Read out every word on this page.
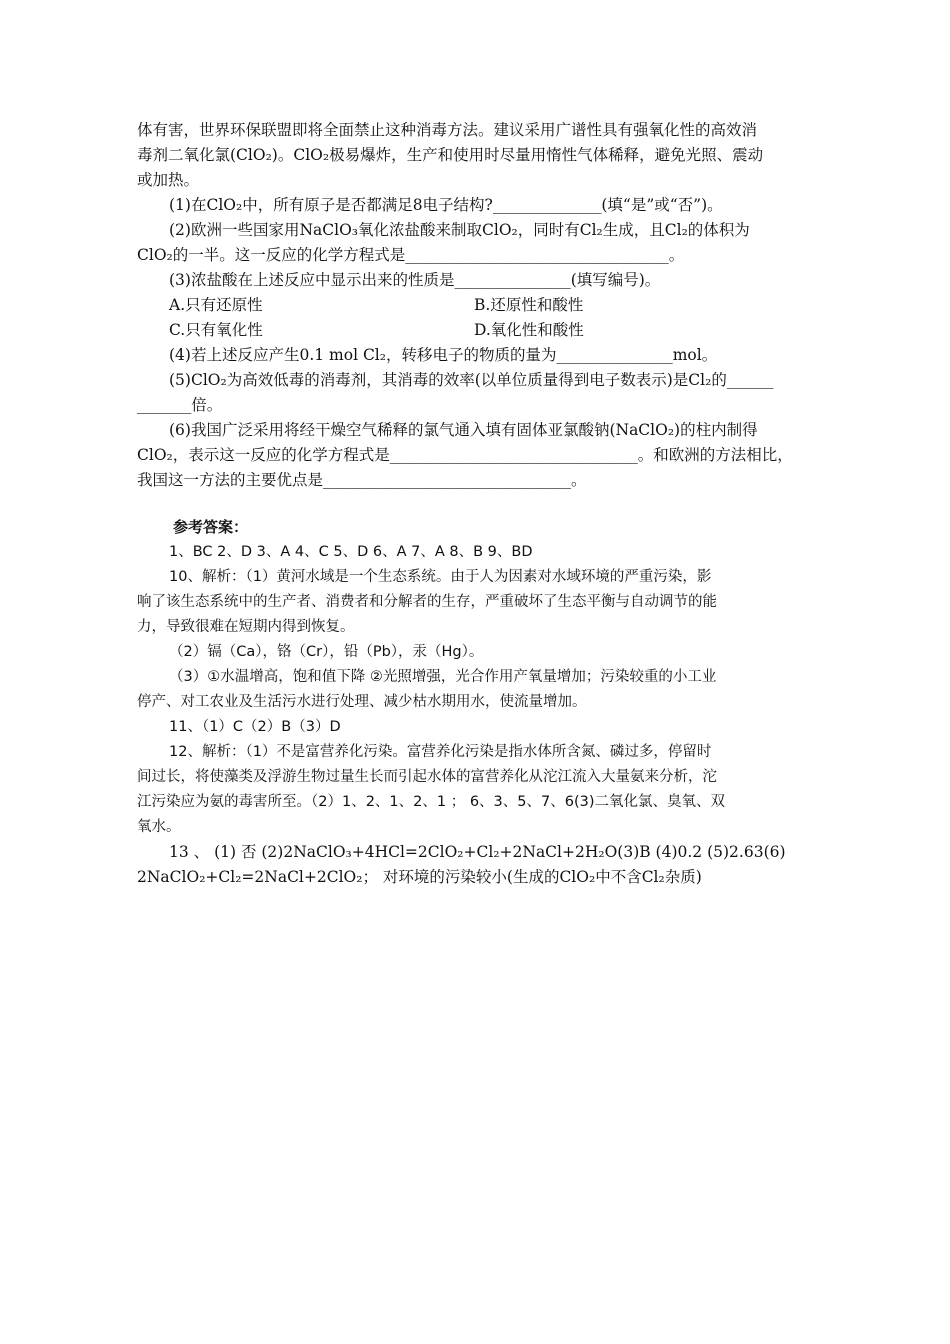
体有害，世界环保联盟即将全面禁止这种消毒方法。建议采用广谱性具有强氧化性的高效消
毒剂二氧化氯(ClO₂)。ClO₂极易爆炸，生产和使用时尽量用惰性气体稀释，避免光照、震动
或加热。
(1)在ClO₂中，所有原子是否都满足8电子结构?______________(填“是”或“否”)。
(2)欧洲一些国家用NaClO₃氧化浓盐酸来制取ClO₂，同时有Cl₂生成，且Cl₂的体积为
ClO₂的一半。这一反应的化学方程式是__________________________________。
(3)浓盐酸在上述反应中显示出来的性质是_______________(填写编号)。
A.只有还原性	B.还原性和酸性
C.只有氧化性	D.氧化性和酸性
(4)若上述反应产生0.1 mol Cl₂，转移电子的物质的量为_______________mol。
(5)ClO₂为高效低毒的消毒剂，其消毒的效率(以单位质量得到电子数表示)是Cl₂的______
_______倍。
(6)我国广泛采用将经干燥空气稀释的氯气通入填有固体亚氯酸钠(NaClO₂)的柱内制得
ClO₂，表示这一反应的化学方程式是________________________________。和欧洲的方法相比，
我国这一方法的主要优点是________________________________。
参考答案：
1、BC 2、D 3、A 4、C 5、D 6、A 7、A 8、B 9、BD
10、解析：（1）黄河水域是一个生态系统。由于人为因素对水域环境的严重污染，影
响了该生态系统中的生产者、消费者和分解者的生存，严重破坏了生态平衡与自动调节的能
力，导致很难在短期内得到恢复。
（2）镉（Ca），铬（Cr），铅（Pb），汞（Hg）。
（3）①水温增高，饱和值下降 ②光照增强，光合作用产氧量增加；污染较重的小工业
停产、对工农业及生活污水进行处理、减少枯水期用水，使流量增加。
11、（1）C（2）B（3）D
12、解析：（1）不是富营养化污染。富营养化污染是指水体所含氮、磷过多，停留时
间过长，将使藻类及浮游生物过量生长而引起水体的富营养化从沱江流入大量氨来分析，沱
江污染应为氨的毒害所至。（2）1、2、1、2、1 ； 6、3、5、7、6(3)二氧化氯、臭氧、双
氧水。
13 、 (1) 否 (2)2NaClO₃+4HCl=2ClO₂+Cl₂+2NaCl+2H₂O(3)B (4)0.2 (5)2.63(6)
2NaClO₂+Cl₂=2NaCl+2ClO₂； 对环境的污染较小(生成的ClO₂中不含Cl₂杂质)
